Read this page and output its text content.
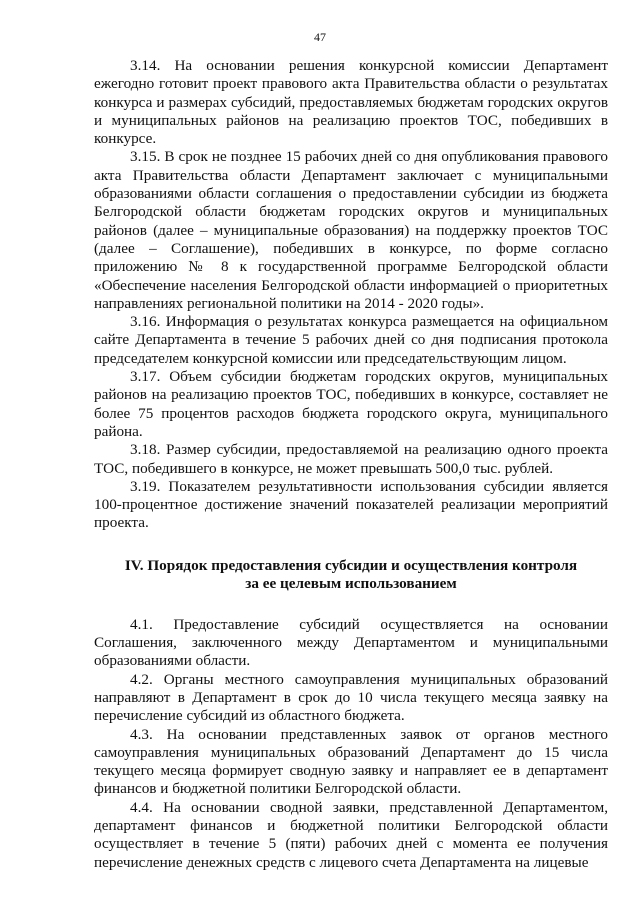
47

3.14. На основании решения конкурсной комиссии Департамент ежегодно готовит проект правового акта Правительства области о результатах конкурса и размерах субсидий, предоставляемых бюджетам городских округов и муниципальных районов на реализацию проектов ТОС, победивших в конкурсе.

3.15. В срок не позднее 15 рабочих дней со дня опубликования правового акта Правительства области Департамент заключает с муниципальными образованиями области соглашения о предоставлении субсидии из бюджета Белгородской области бюджетам городских округов и муниципальных районов (далее – муниципальные образования) на поддержку проектов ТОС (далее – Соглашение), победивших в конкурсе, по форме согласно приложению № 8 к государственной программе Белгородской области «Обеспечение населения Белгородской области информацией о приоритетных направлениях региональной политики на 2014 - 2020 годы».

3.16. Информация о результатах конкурса размещается на официальном сайте Департамента в течение 5 рабочих дней со дня подписания протокола председателем конкурсной комиссии или председательствующим лицом.

3.17. Объем субсидии бюджетам городских округов, муниципальных районов на реализацию проектов ТОС, победивших в конкурсе, составляет не более 75 процентов расходов бюджета городского округа, муниципального района.

3.18. Размер субсидии, предоставляемой на реализацию одного проекта ТОС, победившего в конкурсе, не может превышать 500,0 тыс. рублей.

3.19. Показателем результативности использования субсидии является 100-процентное достижение значений показателей реализации мероприятий проекта.

IV. Порядок предоставления субсидии и осуществления контроля
за ее целевым использованием

4.1. Предоставление субсидий осуществляется на основании Соглашения, заключенного между Департаментом и муниципальными образованиями области.

4.2. Органы местного самоуправления муниципальных образований направляют в Департамент в срок до 10 числа текущего месяца заявку на перечисление субсидий из областного бюджета.

4.3. На основании представленных заявок от органов местного самоуправления муниципальных образований Департамент до 15 числа текущего месяца формирует сводную заявку и направляет ее в департамент финансов и бюджетной политики Белгородской области.

4.4. На основании сводной заявки, представленной Департаментом, департамент финансов и бюджетной политики Белгородской области осуществляет в течение 5 (пяти) рабочих дней с момента ее получения перечисление денежных средств с лицевого счета Департамента на лицевые
